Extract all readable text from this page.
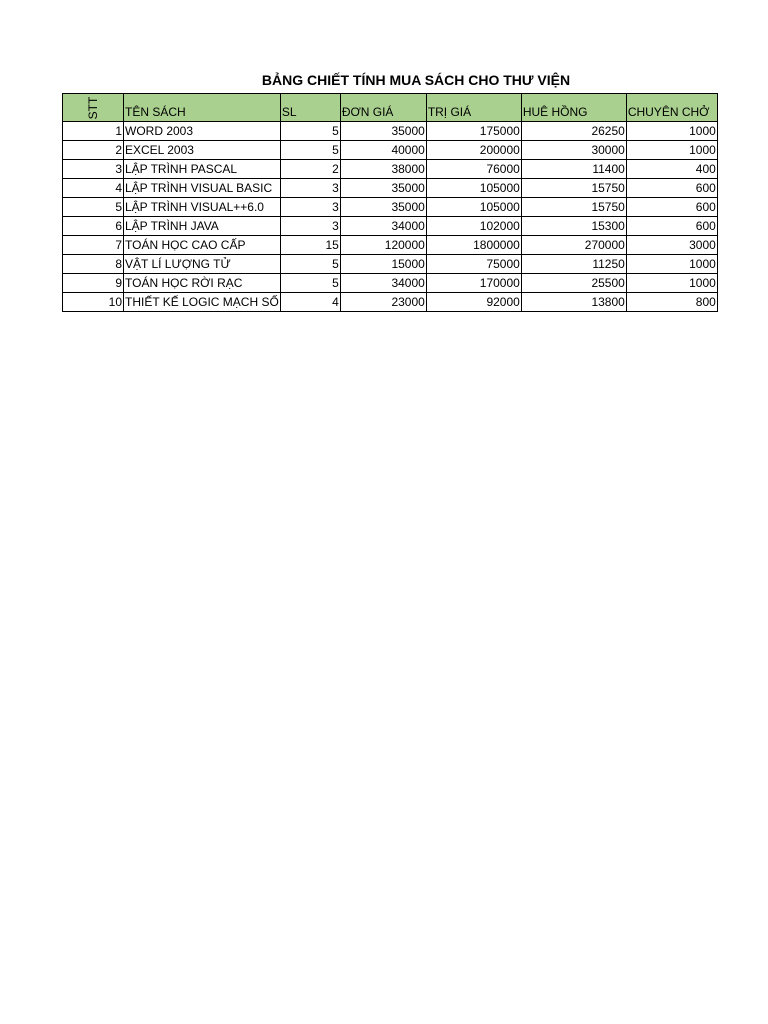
BẢNG CHIẾT TÍNH MUA SÁCH CHO THƯ VIỆN
STT	TÊN SÁCH	SL	ĐƠN GIÁ	TRỊ GIÁ	HUÊ HỒNG	CHUYÊN CHỞ
1	WORD 2003	5	35000	175000	26250	1000
2	EXCEL 2003	5	40000	200000	30000	1000
3	LẬP TRÌNH PASCAL	2	38000	76000	11400	400
4	LẬP TRÌNH VISUAL BASIC	3	35000	105000	15750	600
5	LẬP TRÌNH VISUAL++6.0	3	35000	105000	15750	600
6	LẬP TRÌNH JAVA	3	34000	102000	15300	600
7	TOÁN HỌC CAO CẤP	15	120000	1800000	270000	3000
8	VẬT LÍ LƯỢNG TỬ	5	15000	75000	11250	1000
9	TOÁN HỌC RỜI RẠC	5	34000	170000	25500	1000
10	THIẾT KẾ LOGIC MẠCH SỐ	4	23000	92000	13800	800
